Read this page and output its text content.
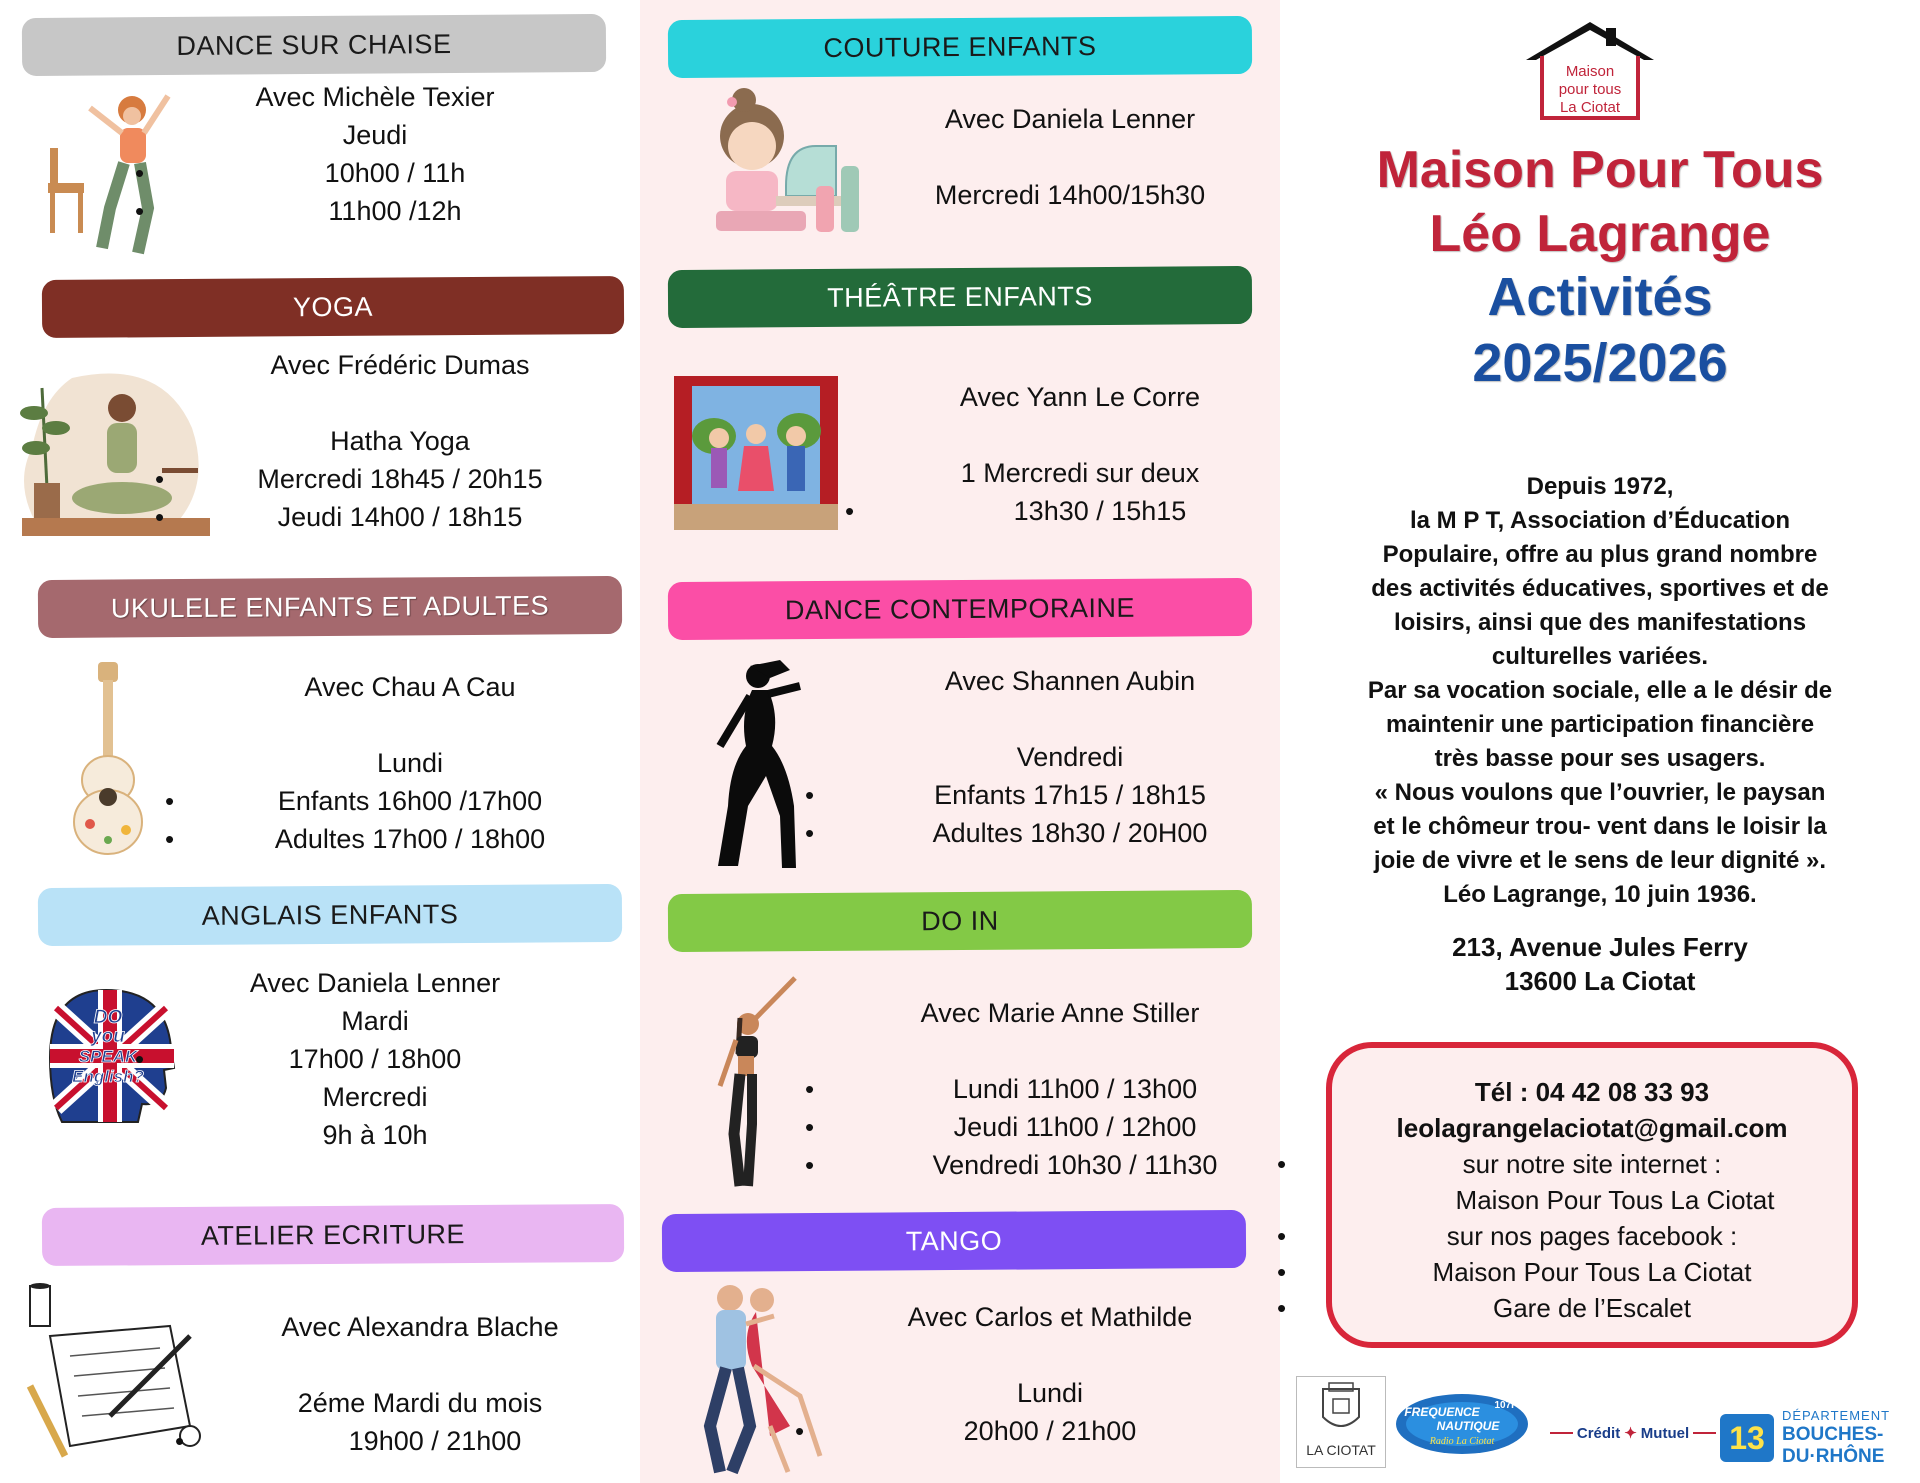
DANCE SUR CHAISE
Avec Michèle Texier
Jeudi
• 10h00 / 11h
• 11h00 /12h
YOGA
Avec Frédéric Dumas
Hatha Yoga
• Mercredi 18h45 / 20h15
• Jeudi 14h00 / 18h15
UKULELE ENFANTS ET ADULTES
Avec Chau A Cau
Lundi
• Enfants 16h00 /17h00
• Adultes 17h00 / 18h00
ANGLAIS ENFANTS
DO
you
SPEAK
English?
Avec Daniela Lenner
Mardi
• 17h00 / 18h00
Mercredi
9h à 10h
ATELIER ECRITURE
Avec Alexandra Blache
2éme Mardi du mois
• 19h00 / 21h00
COUTURE ENFANTS
Avec Daniela Lenner
Mercredi 14h00/15h30
THÉÂTRE ENFANTS
Avec Yann Le Corre
1 Mercredi sur deux
• 13h30 / 15h15
DANCE CONTEMPORAINE
Avec Shannen Aubin
Vendredi
• Enfants 17h15 / 18h15
• Adultes 18h30 / 20H00
DO IN
Avec Marie Anne Stiller
• Lundi 11h00 / 13h00
• Jeudi 11h00 / 12h00
• Vendredi 10h30 / 11h30
TANGO
Avec Carlos et Mathilde
Lundi
• 20h00 / 21h00
Maison
pour tous
La Ciotat
Maison Pour Tous
Léo Lagrange
Activités
2025/2026
Depuis 1972,
la M P T, Association d’Éducation
Populaire, offre au plus grand nombre
des activités éducatives, sportives et de
loisirs, ainsi que des manifestations
culturelles variées.
Par sa vocation sociale, elle a le désir de
maintenir une participation financière
très basse pour ses usagers.
« Nous voulons que l’ouvrier, le paysan
et le chômeur trou- vent dans le loisir la
joie de vivre et le sens de leur dignité ».
Léo Lagrange, 10 juin 1936.
213, Avenue Jules Ferry
13600 La Ciotat
Tél : 04 42 08 33 93
leolagrangelaciotat@gmail.com
• sur notre site internet :
Maison Pour Tous La Ciotat
• sur nos pages facebook :
• Maison Pour Tous La Ciotat
• Gare de l’Escalet
LA CIOTAT
FREQUENCE
NAUTIQUE
Radio La Ciotat
107FM
Crédit ✦ Mutuel 13
DÉPARTEMENT
BOUCHES-
DU·RHÔNE
